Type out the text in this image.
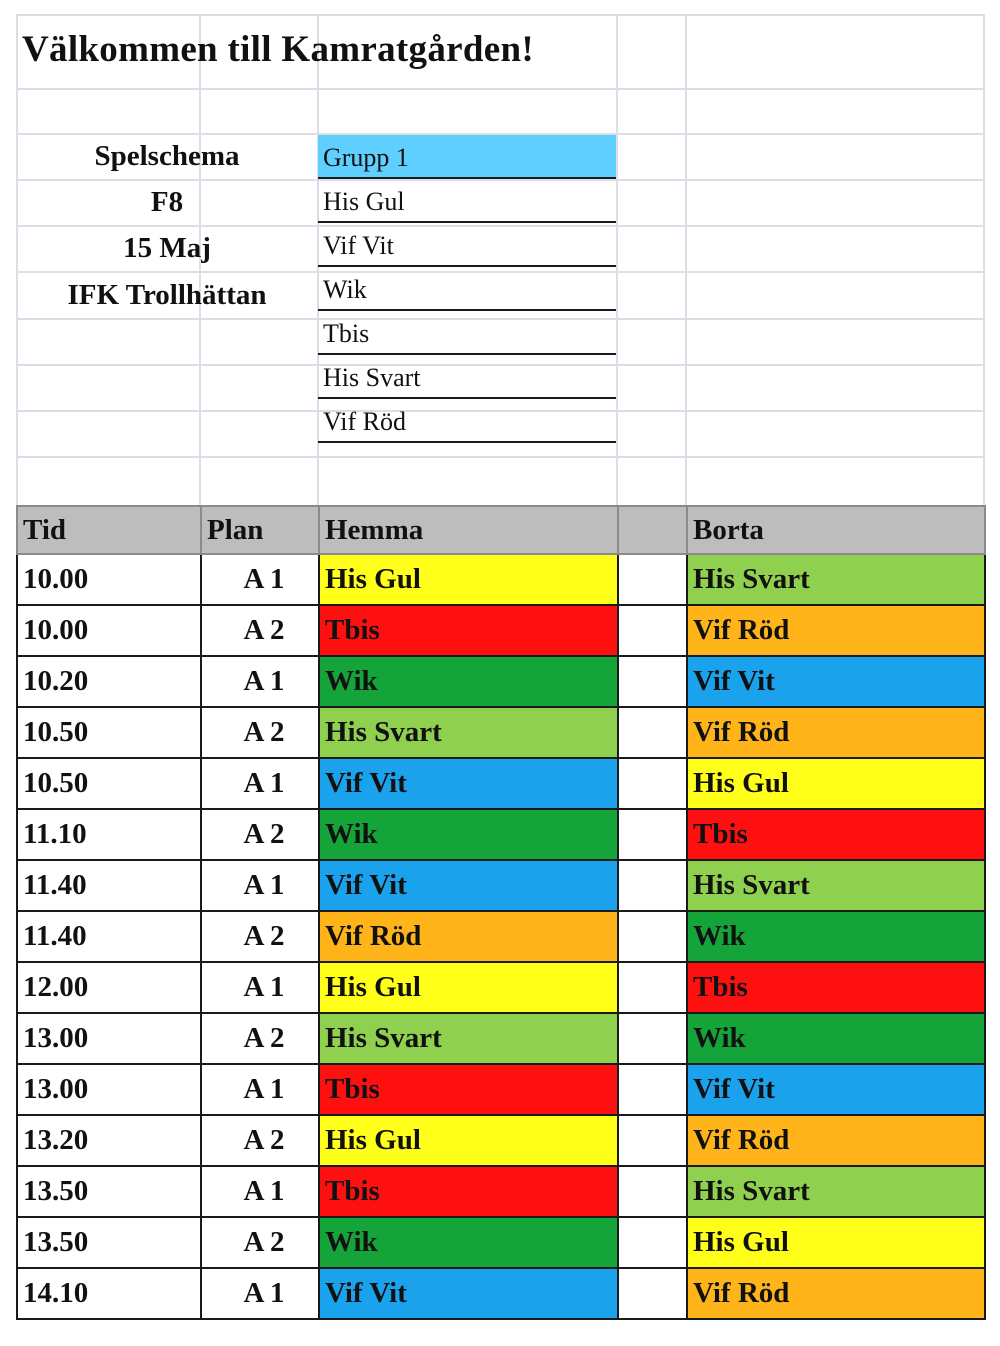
Välkommen till Kamratgården!
Spelschema
F8
15 Maj
IFK Trollhättan
Grupp 1
His Gul
Vif Vit
Wik
Tbis
His Svart
Vif Röd
Tid	Plan	Hemma		Borta
10.00	A 1	His Gul		His Svart
10.00	A 2	Tbis		Vif Röd
10.20	A 1	Wik		Vif Vit
10.50	A 2	His Svart		Vif Röd
10.50	A 1	Vif Vit		His Gul
11.10	A 2	Wik		Tbis
11.40	A 1	Vif Vit		His Svart
11.40	A 2	Vif Röd		Wik
12.00	A 1	His Gul		Tbis
13.00	A 2	His Svart		Wik
13.00	A 1	Tbis		Vif Vit
13.20	A 2	His Gul		Vif Röd
13.50	A 1	Tbis		His Svart
13.50	A 2	Wik		His Gul
14.10	A 1	Vif Vit		Vif Röd
